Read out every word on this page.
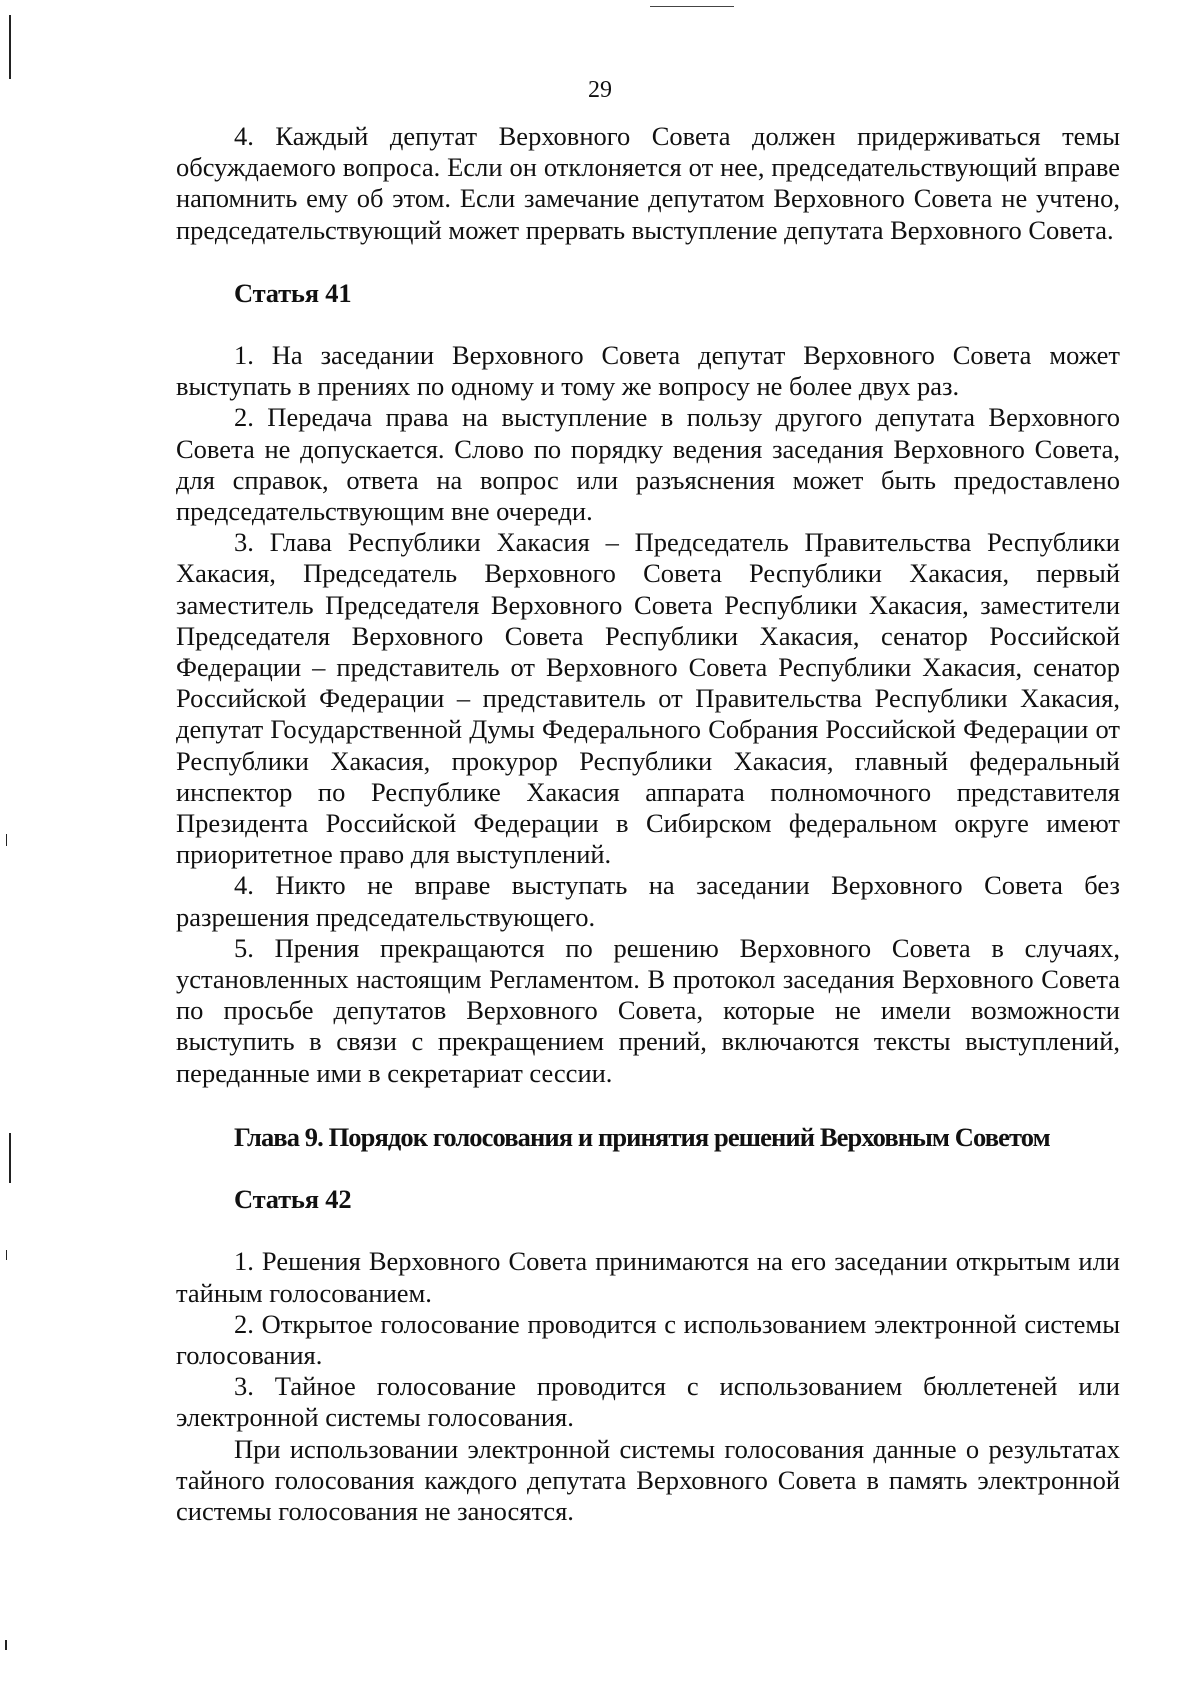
29

4. Каждый депутат Верховного Совета должен придерживаться темы обсуждаемого вопроса. Если он отклоняется от нее, председательствующий вправе напомнить ему об этом. Если замечание депутатом Верховного Совета не учтено, председательствующий может прервать выступление депутата Верховного Совета.

Статья 41

1. На заседании Верховного Совета депутат Верховного Совета может выступать в прениях по одному и тому же вопросу не более двух раз.

2. Передача права на выступление в пользу другого депутата Верховного Совета не допускается. Слово по порядку ведения заседания Верховного Совета, для справок, ответа на вопрос или разъяснения может быть предоставлено председательствующим вне очереди.

3. Глава Республики Хакасия – Председатель Правительства Республики Хакасия, Председатель Верховного Совета Республики Хакасия, первый заместитель Председателя Верховного Совета Республики Хакасия, заместители Председателя Верховного Совета Республики Хакасия, сенатор Российской Федерации – представитель от Верховного Совета Республики Хакасия, сенатор Российской Федерации – представитель от Правительства Республики Хакасия, депутат Государственной Думы Федерального Собрания Российской Федерации от Республики Хакасия, прокурор Республики Хакасия, главный федеральный инспектор по Республике Хакасия аппарата полномочного представителя Президента Российской Федерации в Сибирском федеральном округе имеют приоритетное право для выступлений.

4. Никто не вправе выступать на заседании Верховного Совета без разрешения председательствующего.

5. Прения прекращаются по решению Верховного Совета в случаях, установленных настоящим Регламентом. В протокол заседания Верховного Совета по просьбе депутатов Верховного Совета, которые не имели возможности выступить в связи с прекращением прений, включаются тексты выступлений, переданные ими в секретариат сессии.

Глава 9. Порядок голосования и принятия решений Верховным Советом
Статья 42

1. Решения Верховного Совета принимаются на его заседании открытым или тайным голосованием.

2. Открытое голосование проводится с использованием электронной системы голосования.

3. Тайное голосование проводится с использованием бюллетеней или электронной системы голосования.

При использовании электронной системы голосования данные о результатах тайного голосования каждого депутата Верховного Совета в память электронной системы голосования не заносятся.
